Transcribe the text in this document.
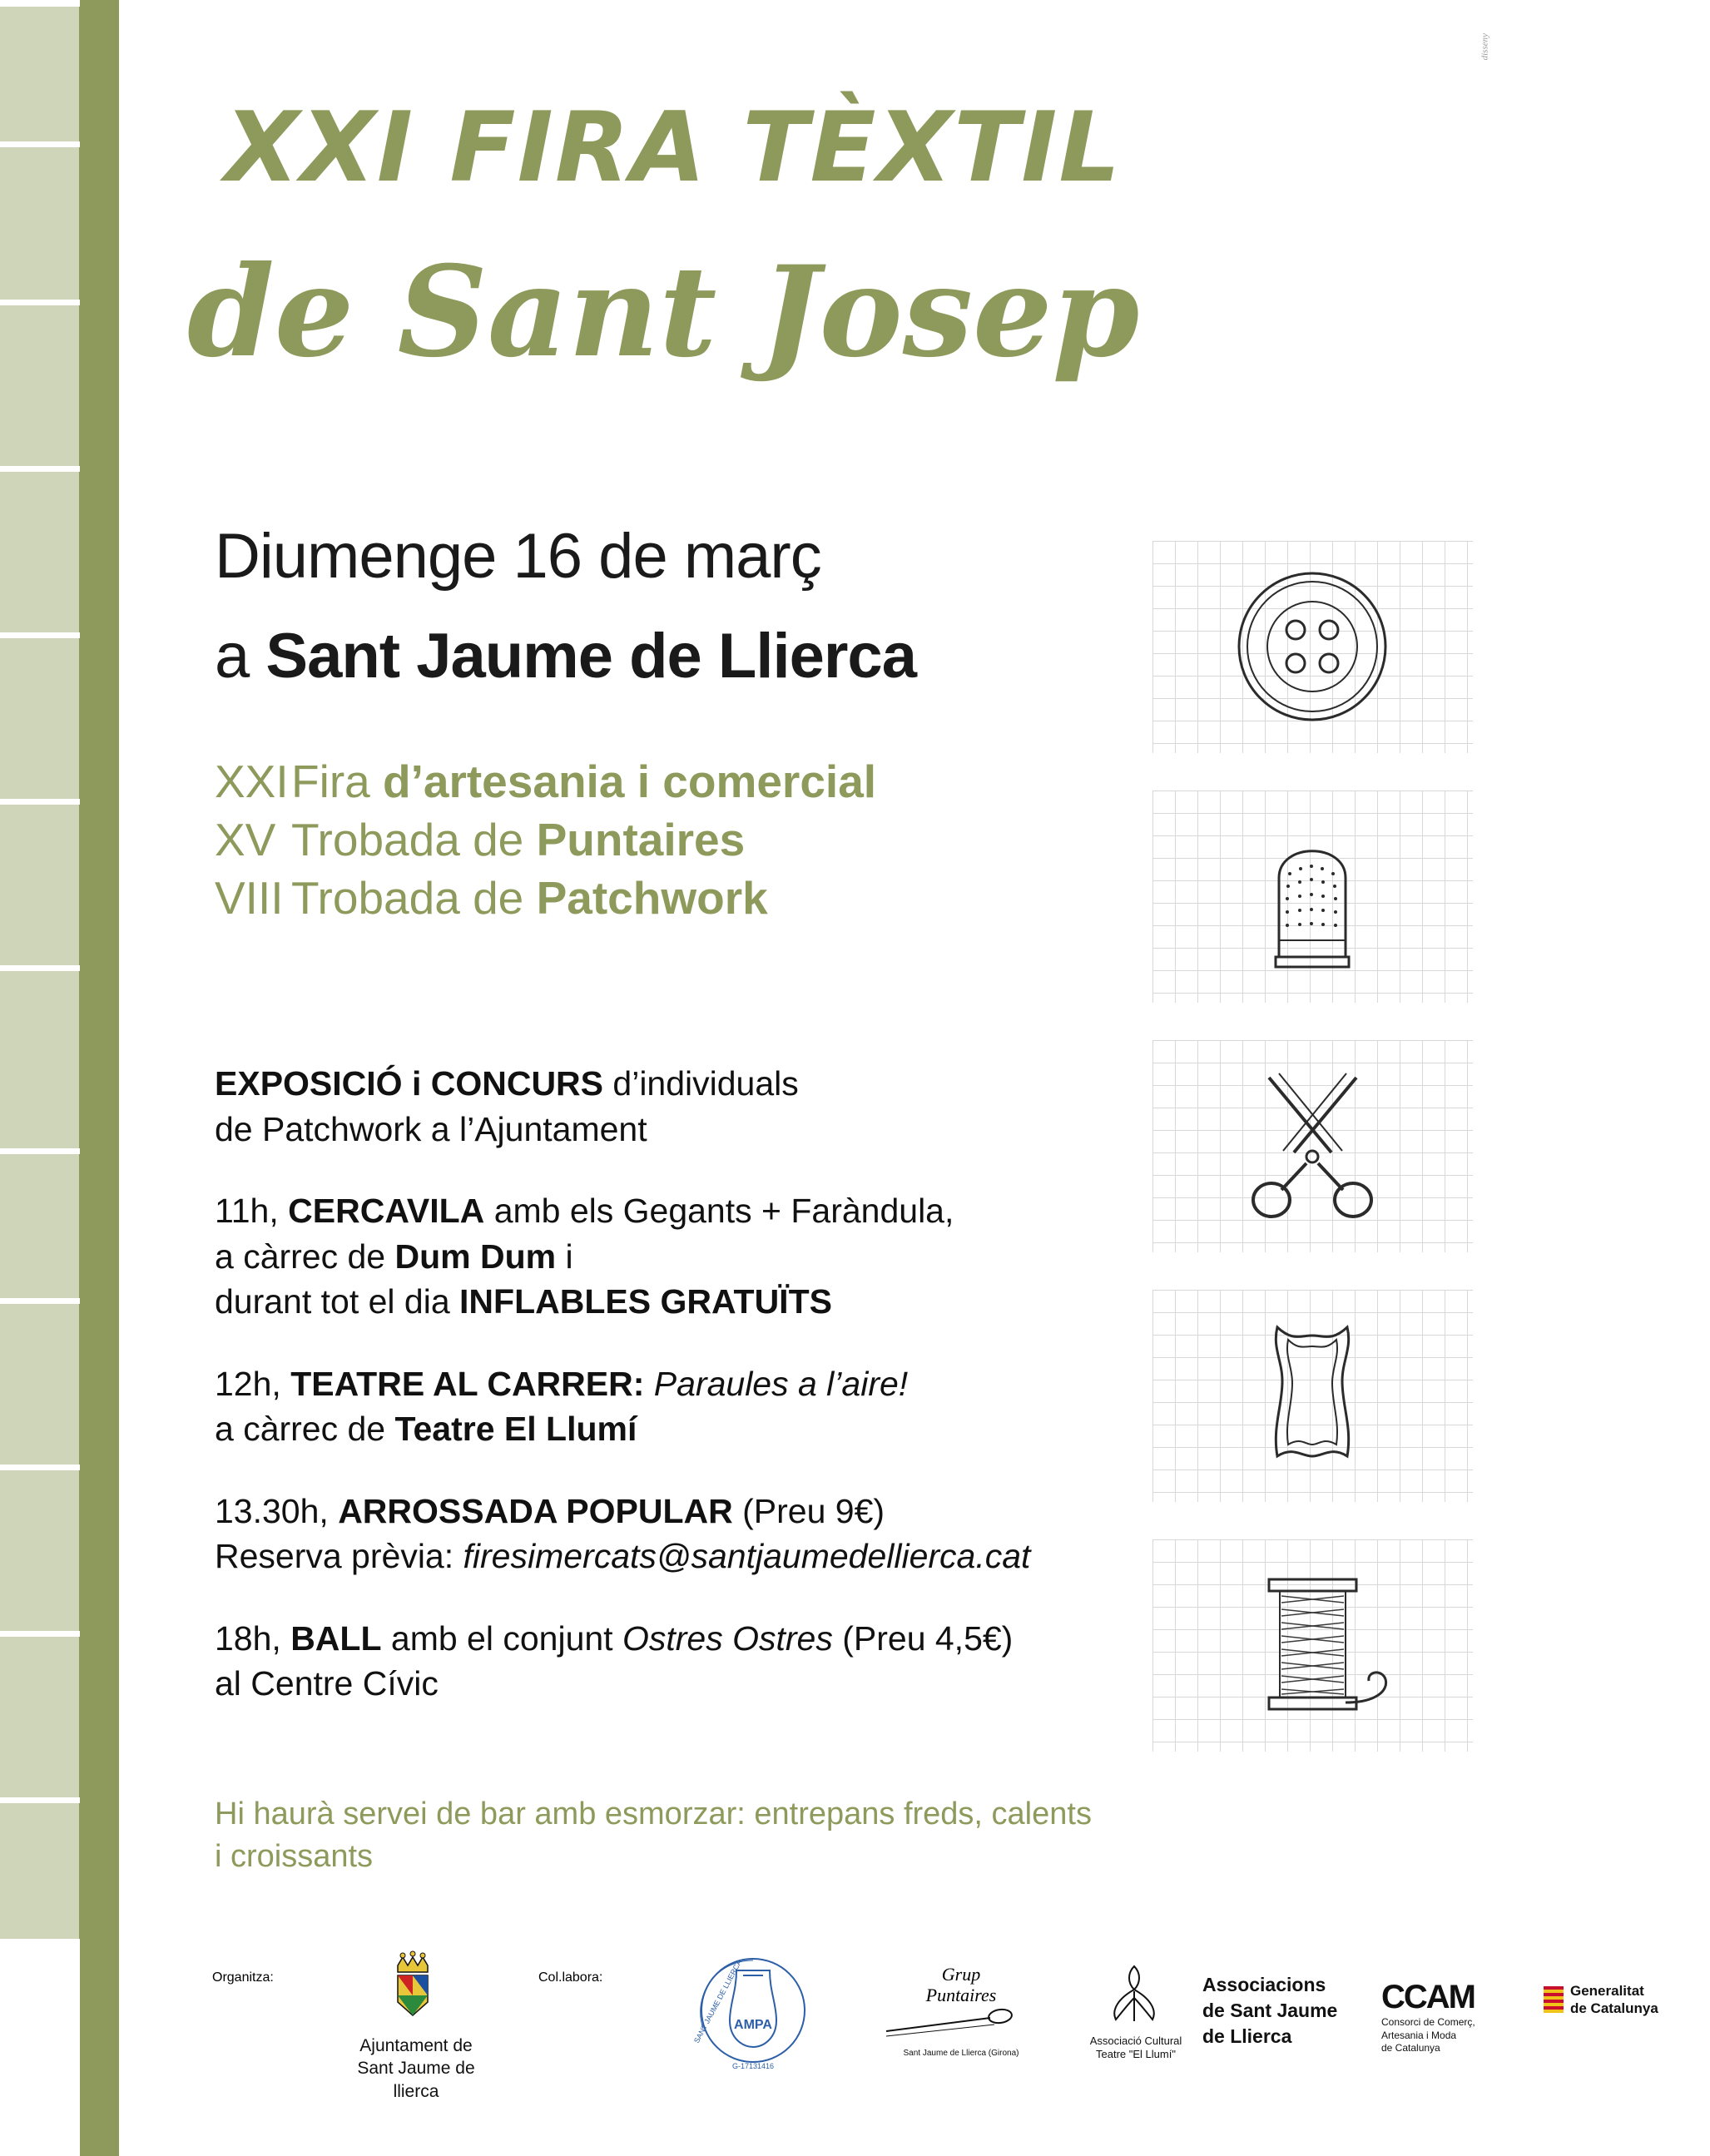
disseny
XXI FIRA TÈXTIL
de Sant Josep
Diumenge 16 de març
a Sant Jaume de Llierca
XXIFira d’artesania i comercial
XV Trobada de Puntaires
VIII Trobada de Patchwork
EXPOSICIÓ i CONCURS d’individuals
de Patchwork a l’Ajuntament
11h, CERCAVILA amb els Gegants + Faràndula,
a càrrec de Dum Dum i
durant tot el dia INFLABLES GRATUÏTS
12h, TEATRE AL CARRER: Paraules a l’aire!
a càrrec de Teatre El Llumí
13.30h, ARROSSADA POPULAR (Preu 9€)
Reserva prèvia: firesimercats@santjaumedellierca.cat
18h, BALL amb el conjunt Ostres Ostres (Preu 4,5€)
al Centre Cívic
Hi haurà servei de bar amb esmorzar: entrepans freds, calents
i croissants
Organitza:
Ajuntament de
Sant Jaume de llierca
Col.labora:
AMPA
G-17131416
SANT JAUME DE LLIERCA	Grup
Puntaires
Sant Jaume de Llierca (Girona)
Associació Cultural
Teatre "El Llumí"
Associacions
de Sant Jaume
de Llierca
CCAM
Consorci de Comerç,
Artesania i Moda
de Catalunya
Generalitat
de Catalunya
